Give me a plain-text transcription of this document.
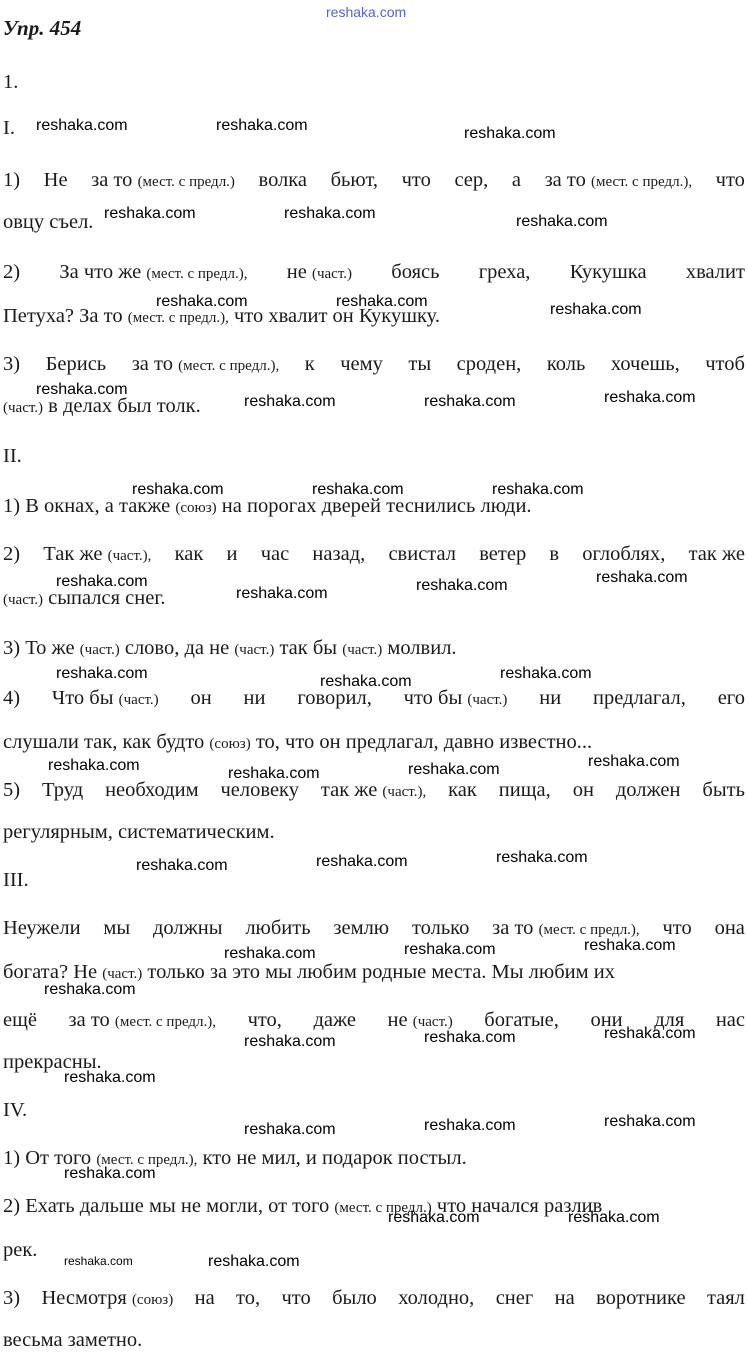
reshaka.com
Упр. 454
1.
I.
1) Не за то (мест. с предл.) волка бьют, что сер, а за то (мест. с предл.), что
овцу съел.
2) За что же (мест. с предл.), не (част.) боясь греха, Кукушка хвалит
Петуха? За то (мест. с предл.), что хвалит он Кукушку.
3) Берись за то (мест. с предл.), к чему ты сроден, коль хочешь, чтоб
(част.) в делах был толк.
II.
1) В окнах, а также (союз) на порогах дверей теснились люди.
2) Так же (част.), как и час назад, свистал ветер в оглоблях, так же
(част.) сыпался снег.
3) То же (част.) слово, да не (част.) так бы (част.) молвил.
4) Что бы (част.) он ни говорил, что бы (част.) ни предлагал, его
слушали так, как будто (союз) то, что он предлагал, давно известно...
5) Труд необходим человеку так же (част.), как пища, он должен быть
регулярным, систематическим.
III.
Неужели мы должны любить землю только за то (мест. с предл.), что она
богата? Не (част.) только за это мы любим родные места. Мы любим их
ещё за то (мест. с предл.), что, даже не (част.) богатые, они для нас
прекрасны.
IV.
1) От того (мест. с предл.), кто не мил, и подарок постыл.
2) Ехать дальше мы не могли, от того (мест. с предл.) что начался разлив
рек.
3) Несмотря (союз) на то, что было холодно, снег на воротнике таял
весьма заметно.
reshaka.com	reshaka.com	reshaka.com
reshaka.com	reshaka.com	reshaka.com
reshaka.com	reshaka.com	reshaka.com
reshaka.com
reshaka.com	reshaka.com	reshaka.com
reshaka.com	reshaka.com	reshaka.com
reshaka.com
reshaka.com	reshaka.com	reshaka.com
reshaka.com	reshaka.com	reshaka.com
reshaka.com	reshaka.com	reshaka.com	reshaka.com
reshaka.com	reshaka.com	reshaka.com
reshaka.com	reshaka.com	reshaka.com
reshaka.com
reshaka.com	reshaka.com	reshaka.com
reshaka.com
reshaka.com	reshaka.com	reshaka.com
reshaka.com
reshaka.com	reshaka.com
reshaka.com
reshaka.com
